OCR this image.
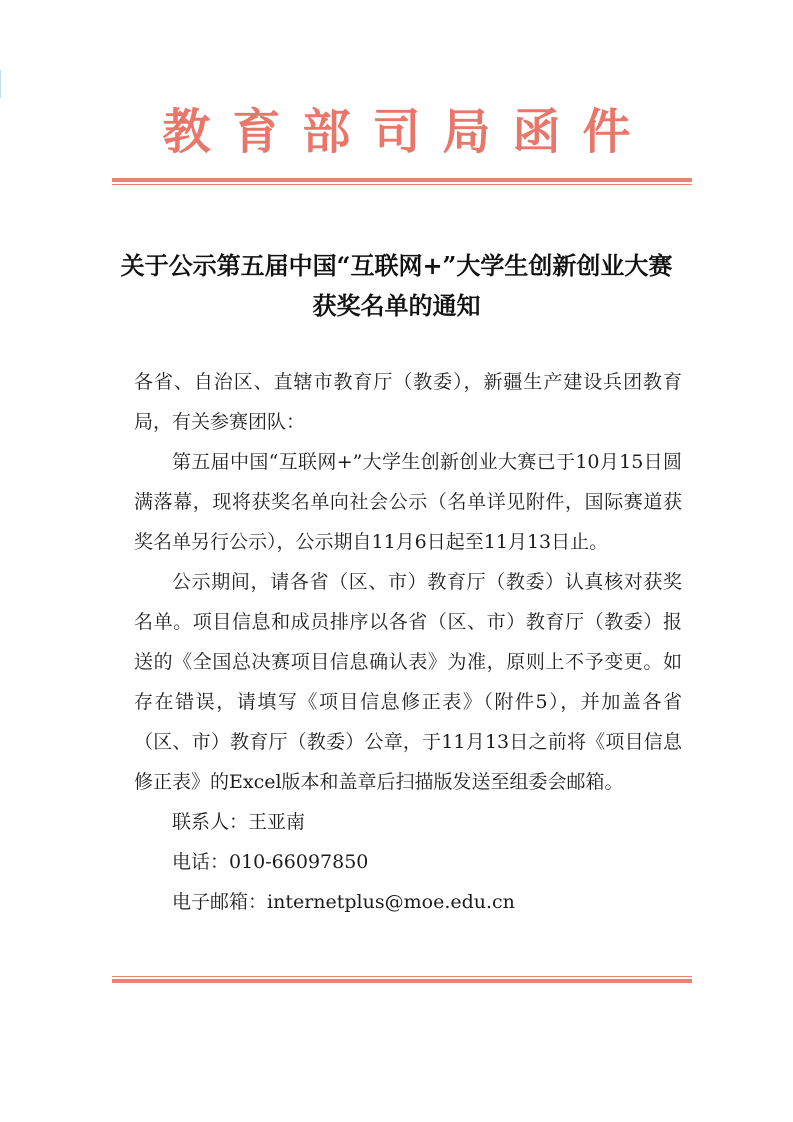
教育部司局函件
关于公示第五届中国“互联网+”大学生创新创业大赛
获奖名单的通知

各省、自治区、直辖市教育厅（教委），新疆生产建设兵团教育局，有关参赛团队：

第五届中国“互联网+”大学生创新创业大赛已于10月15日圆满落幕，现将获奖名单向社会公示（名单详见附件，国际赛道获奖名单另行公示），公示期自11月6日起至11月13日止。

公示期间，请各省（区、市）教育厅（教委）认真核对获奖名单。项目信息和成员排序以各省（区、市）教育厅（教委）报送的《全国总决赛项目信息确认表》为准，原则上不予变更。如存在错误，请填写《项目信息修正表》（附件5），并加盖各省（区、市）教育厅（教委）公章，于11月13日之前将《项目信息修正表》的Excel版本和盖章后扫描版发送至组委会邮箱。

联系人：王亚南

电话：010-66097850

电子邮箱：internetplus@moe.edu.cn
